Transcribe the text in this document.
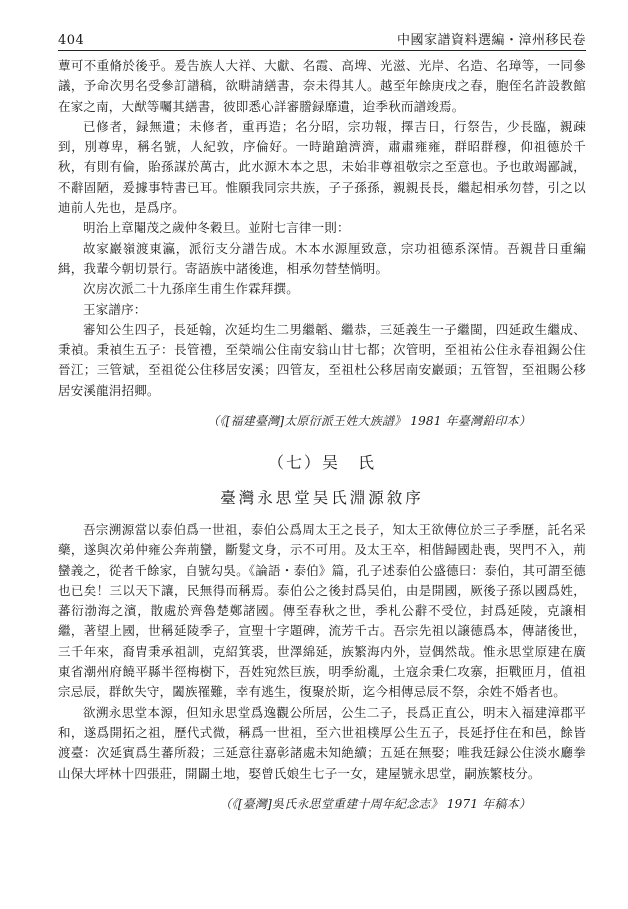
404	中國家譜資料選編・漳州移民卷

蕈可不重脩於後乎。爰告族人大祥、大獻、名霞、高埤、光滋、光岸、名造、名璋等，一同參議，予命次男名受參訂譜稿，欲畊請繕書，奈未得其人。越至年餘庚戌之春，胞侄名許設教館在家之南，大猷等囑其繕書，彼即悉心詳審謄録靡遺，迨季秋而譜竣焉。

已修者，録無遺；未修者，重再造；名分昭，宗功報，擇吉日，行祭告，少長臨，親疎到，別尊卑，稱名號，人紀敦，序倫好。一時蹌蹌濟濟，肅肅雍雍，群昭群穆，仰祖德於千秋，有則有倫，貽孫謀於萬古，此水源木本之思，未始非尊祖敬宗之至意也。予也敢竭鄙誠，不辭固陋，爰據事特書已耳。惟願我同宗共族，子子孫孫，親親長長，繼起相承勿替，引之以迪前人先也，是爲序。

明治上章閹茂之歲仲冬穀旦。並附七言律一則：

故家巖嶺渡東瀛，派衍支分譜告成。木本水源厘致意，宗功祖德系深情。吾親昔日重編緝，我輩今朝切景行。寄語族中諸後進，相承勿替埜惝明。

次房次派二十九孫庠生甫生作霖拜撰。

王家譜序：

審知公生四子，長延翰，次延均生二男繼韜、繼恭，三延義生一子繼閩，四延政生繼成、秉禎。秉禎生五子：長管禮，至榮端公住南安翁山甘七都；次管明，至祖祐公住永春祖錫公住晉江；三管斌，至祖從公住移居安溪；四管友，至祖杜公移居南安巖頭；五管智，至祖賜公移居安溪龍涓招卿。

（《[福建臺灣]太原衍派王姓大族譜》 1981 年臺灣鉛印本）
（七）吴　氏
臺灣永思堂吴氏淵源敘序

吾宗溯源當以泰伯爲一世祖，泰伯公爲周太王之長子，知太王欲傳位於三子季歷，託名采藥，遂與次弟仲雍公奔荊蠻，斷髮文身，示不可用。及太王卒，相偕歸國赴喪，哭門不入，荊蠻義之，從者千餘家，自號勾吳。《論語・泰伯》篇，孔子述泰伯公盛德曰：泰伯，其可謂至德也已矣！三以天下讓，民無得而稱焉。泰伯公之後封爲吴伯，由是開國，厥後子孫以國爲姓，蕃衍渤海之濱，散處於齊魯楚鄭諸國。傳至春秋之世，季札公辭不受位，封爲延陵，克譲相繼，著望上國，世稱延陵季子，宣聖十字題碑，流芳千古。吾宗先祖以譲德爲本，傳諸後世，三千年來，裔胄秉承祖訓，克紹箕裘，世澤綿延，族繁海内外，豈偶然哉。惟永思堂原建在廣東省潮州府饒平縣半徑梅樹下，吾姓宛然巨族，明季紛亂，土寇余秉仁攻寨，拒戰匝月，值祖宗忌辰，群飲失守，闔族罹難，幸有逃生，復聚於斯，迄今相傳忌辰不祭，余姓不婚者也。

欲溯永思堂本源，但知永思堂爲逸觀公所居，公生二子，長爲正直公，明末入福建漳郡平和，遂爲開拓之祖，歷代式微，稱爲一世祖，至六世祖樸厚公生五子，長延抒住在和邑，餘皆渡臺：次延賓爲生蕃所殺；三延意往嘉彰諸處未知絶續；五延在無娶；唯我廷録公住淡水廳拳山保大坪林十四張莊，開闢土地，娶曾氏娘生七子一女，建屋號永思堂，嗣族繁枝分。

（《[臺灣]吳氏永思堂重建十周年紀念志》 1971 年稿本）
